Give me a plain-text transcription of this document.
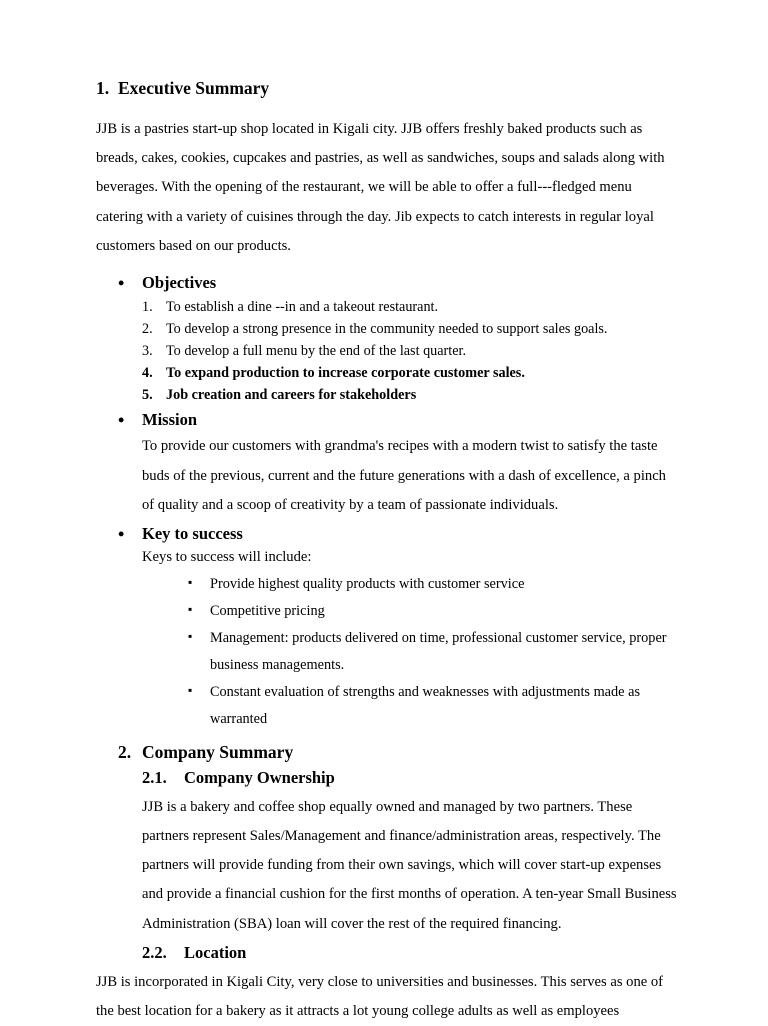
1. Executive Summary

JJB is a pastries start-up shop located in Kigali city. JJB offers freshly baked products such as breads, cakes, cookies, cupcakes and pastries, as well as sandwiches, soups and salads along with beverages. With the opening of the restaurant, we will be able to offer a full---fledged menu catering with a variety of cuisines through the day. Jib expects to catch interests in regular loyal customers based on our products.

• Objectives
1. To establish a dine --in and a takeout restaurant.
2. To develop a strong presence in the community needed to support sales goals.
3. To develop a full menu by the end of the last quarter.
4. To expand production to increase corporate customer sales.
5. Job creation and careers for stakeholders
• Mission
To provide our customers with grandma's recipes with a modern twist to satisfy the taste buds of the previous, current and the future generations with a dash of excellence, a pinch of quality and a scoop of creativity by a team of passionate individuals.
• Key to success
Keys to success will include:
▪ Provide highest quality products with customer service
▪ Competitive pricing
▪ Management: products delivered on time, professional customer service, proper business managements.
▪ Constant evaluation of strengths and weaknesses with adjustments made as warranted
2. Company Summary
2.1. Company Ownership

JJB is a bakery and coffee shop equally owned and managed by two partners. These partners represent Sales/Management and finance/administration areas, respectively. The partners will provide funding from their own savings, which will cover start-up expenses and provide a financial cushion for the first months of operation. A ten-year Small Business Administration (SBA) loan will cover the rest of the required financing.

2.2. Location

JJB is incorporated in Kigali City, very close to universities and businesses. This serves as one of the best location for a bakery as it attracts a lot young college adults as well as employees
